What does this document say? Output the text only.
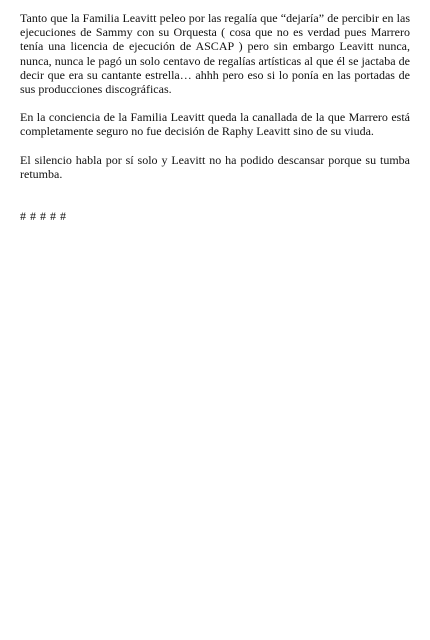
Tanto que la Familia Leavitt peleo por las regalía que “dejaría” de percibir en las ejecuciones de Sammy con su Orquesta ( cosa que no es verdad pues Marrero tenía una licencia de ejecución de ASCAP ) pero sin embargo Leavitt nunca, nunca, nunca le pagó un solo centavo de regalías artísticas al que él se jactaba de decir que era su cantante estrella… ahhh pero eso si lo ponía en las portadas de sus producciones discográficas.

En la conciencia de la Familia Leavitt queda la canallada de la que Marrero está completamente seguro no fue decisión de Raphy Leavitt sino de su viuda.

El silencio habla por sí solo y Leavitt no ha podido descansar porque su tumba retumba.

# # # # #
